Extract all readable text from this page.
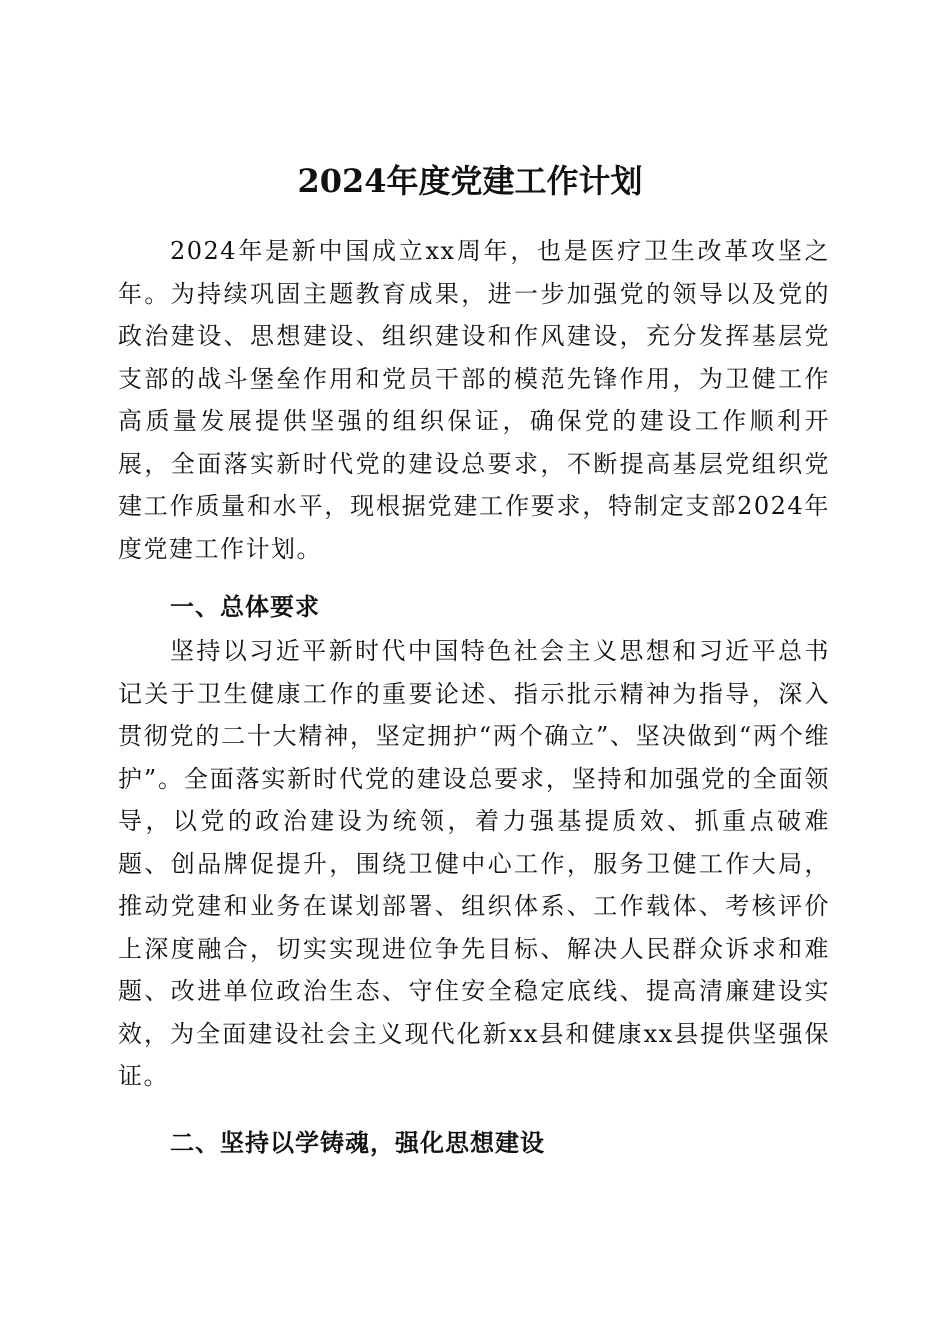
2024年度党建工作计划

2024年是新中国成立xx周年，也是医疗卫生改革攻坚之年。为持续巩固主题教育成果，进一步加强党的领导以及党的政治建设、思想建设、组织建设和作风建设，充分发挥基层党支部的战斗堡垒作用和党员干部的模范先锋作用，为卫健工作高质量发展提供坚强的组织保证，确保党的建设工作顺利开展，全面落实新时代党的建设总要求，不断提高基层党组织党建工作质量和水平，现根据党建工作要求，特制定支部2024年度党建工作计划。

一、总体要求

坚持以习近平新时代中国特色社会主义思想和习近平总书记关于卫生健康工作的重要论述、指示批示精神为指导，深入贯彻党的二十大精神，坚定拥护“两个确立”、坚决做到“两个维护”。全面落实新时代党的建设总要求，坚持和加强党的全面领导，以党的政治建设为统领，着力强基提质效、抓重点破难题、创品牌促提升，围绕卫健中心工作，服务卫健工作大局，推动党建和业务在谋划部署、组织体系、工作载体、考核评价上深度融合，切实实现进位争先目标、解决人民群众诉求和难题、改进单位政治生态、守住安全稳定底线、提高清廉建设实效，为全面建设社会主义现代化新xx县和健康xx县提供坚强保证。

二、坚持以学铸魂，强化思想建设
